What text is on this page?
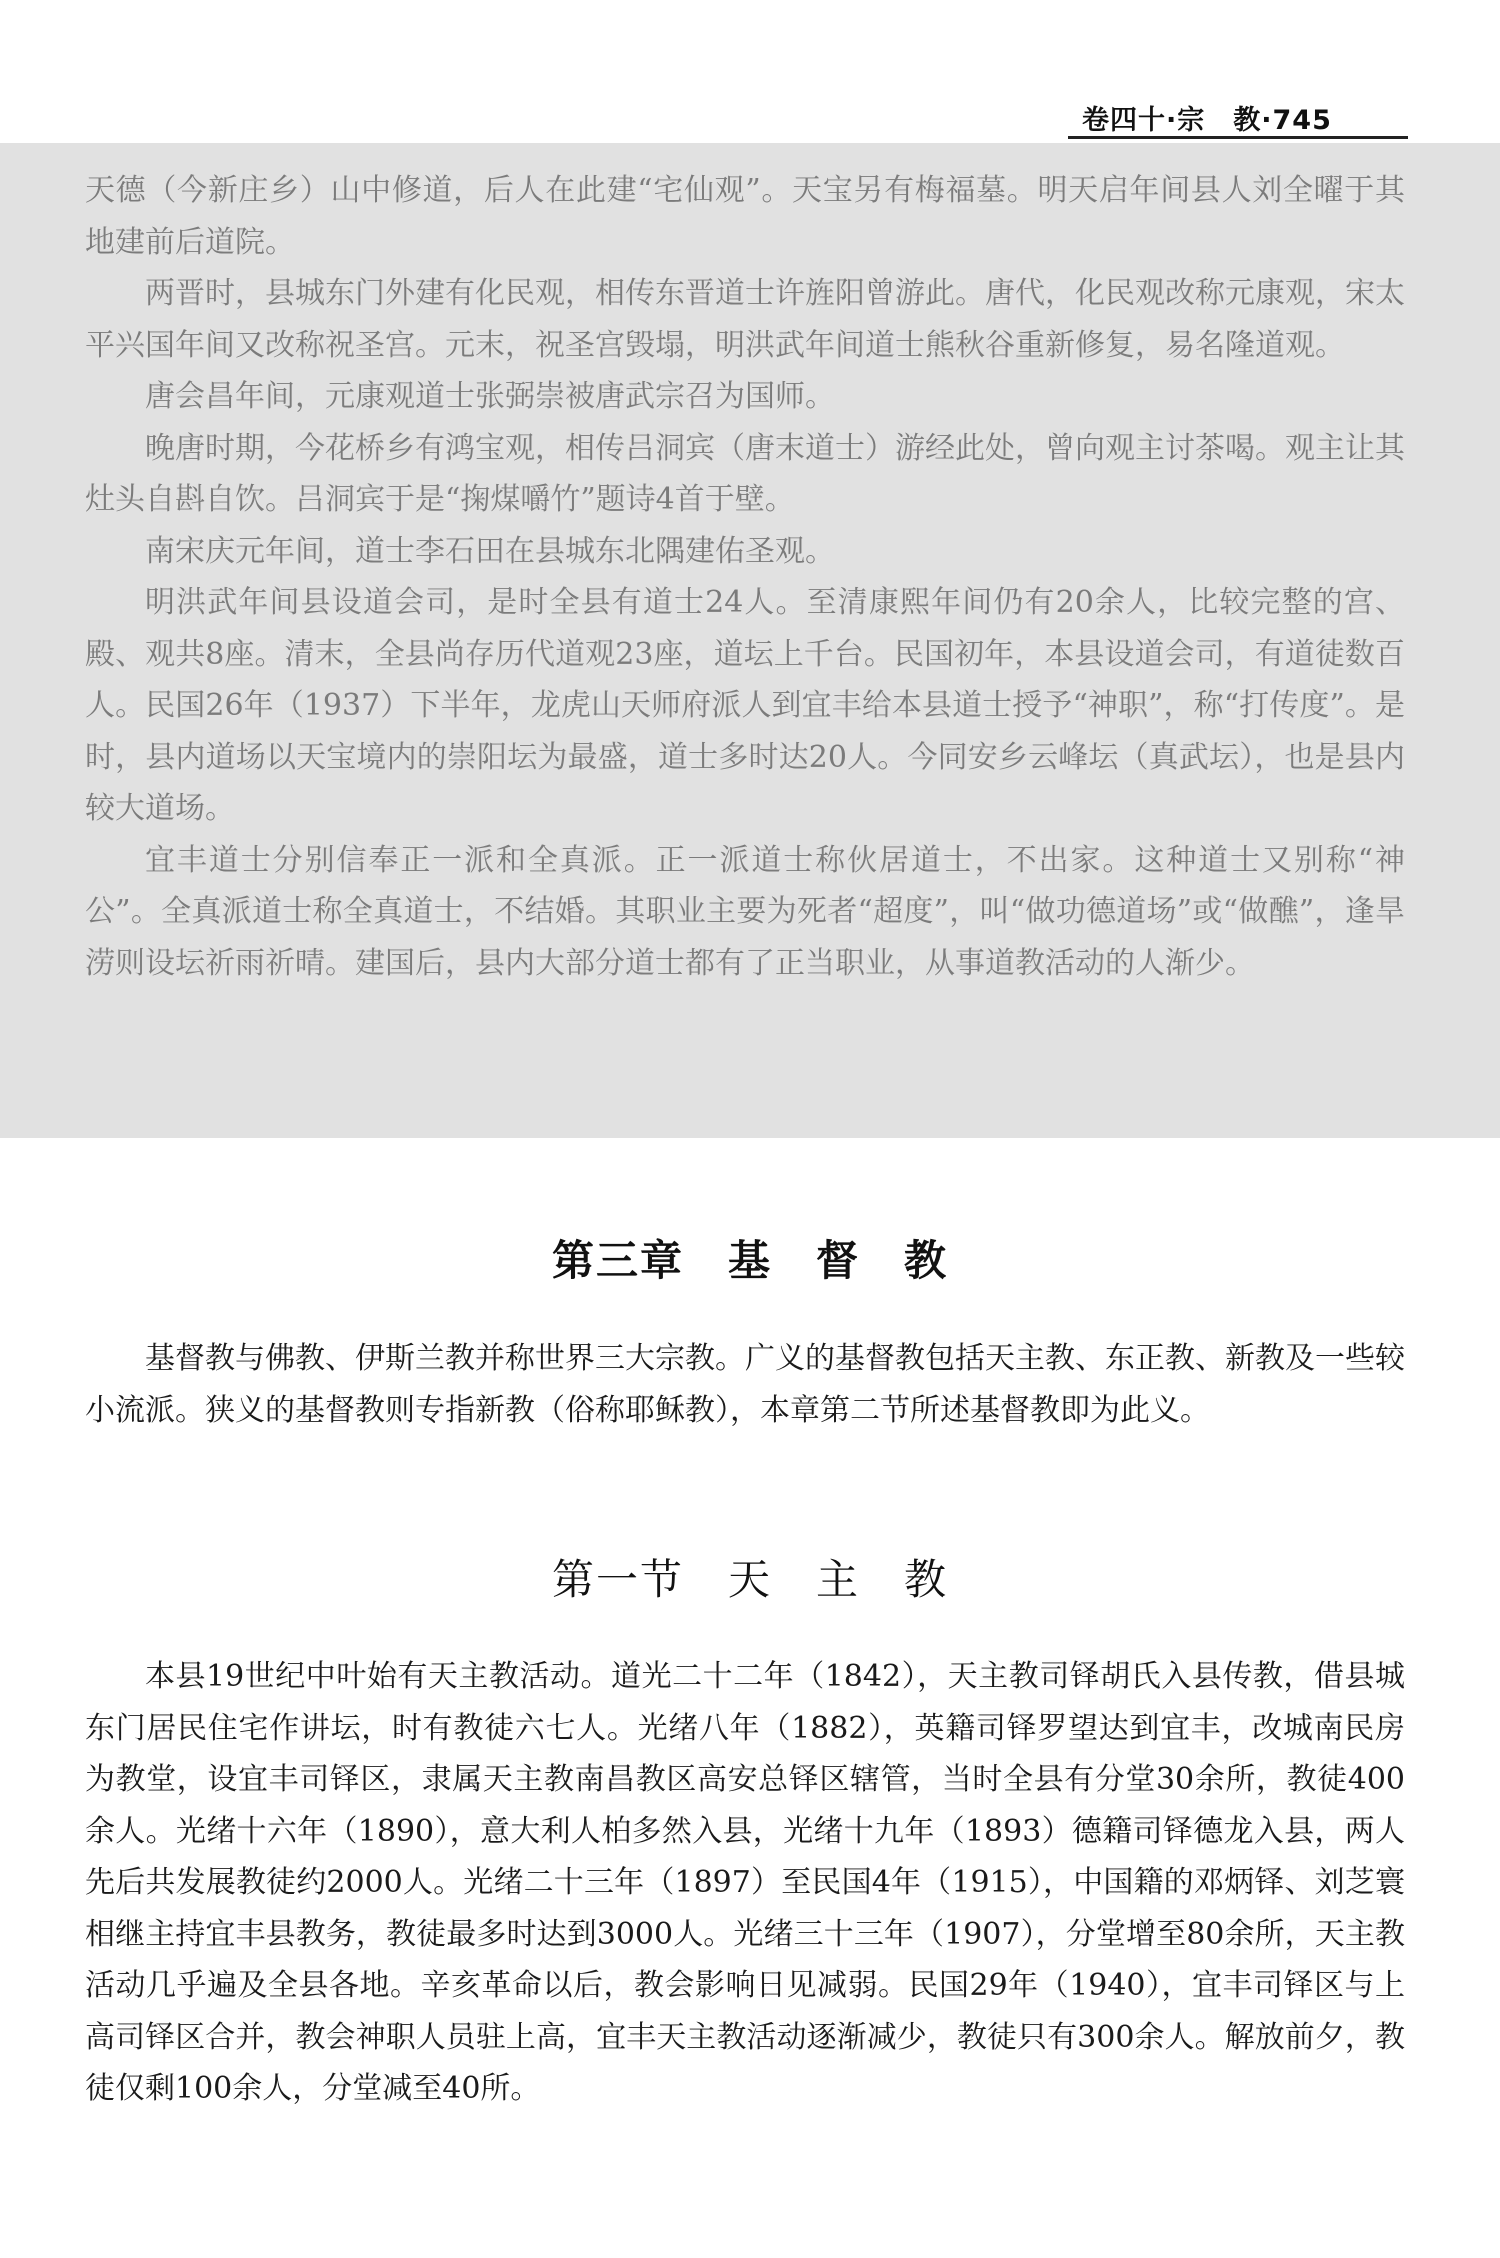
卷四十·宗　教·745

天德（今新庄乡）山中修道，后人在此建“宅仙观”。天宝另有梅福墓。明天启年间县人刘全曜于其地建前后道院。

两晋时，县城东门外建有化民观，相传东晋道士许旌阳曾游此。唐代，化民观改称元康观，宋太平兴国年间又改称祝圣宫。元末，祝圣宫毁塌，明洪武年间道士熊秋谷重新修复，易名隆道观。

唐会昌年间，元康观道士张弼崇被唐武宗召为国师。

晚唐时期，今花桥乡有鸿宝观，相传吕洞宾（唐末道士）游经此处，曾向观主讨茶喝。观主让其灶头自斟自饮。吕洞宾于是“掬煤嚼竹”题诗4首于壁。

南宋庆元年间，道士李石田在县城东北隅建佑圣观。

明洪武年间县设道会司，是时全县有道士24人。至清康熙年间仍有20余人，比较完整的宫、殿、观共8座。清末，全县尚存历代道观23座，道坛上千台。民国初年，本县设道会司，有道徒数百人。民国26年（1937）下半年，龙虎山天师府派人到宜丰给本县道士授予“神职”，称“打传度”。是时，县内道场以天宝境内的崇阳坛为最盛，道士多时达20人。今同安乡云峰坛（真武坛），也是县内较大道场。

宜丰道士分别信奉正一派和全真派。正一派道士称伙居道士，不出家。这种道士又别称“神公”。全真派道士称全真道士，不结婚。其职业主要为死者“超度”，叫“做功德道场”或“做醮”，逢旱涝则设坛祈雨祈晴。建国后，县内大部分道士都有了正当职业，从事道教活动的人渐少。

第三章　基　督　教

基督教与佛教、伊斯兰教并称世界三大宗教。广义的基督教包括天主教、东正教、新教及一些较小流派。狭义的基督教则专指新教（俗称耶稣教），本章第二节所述基督教即为此义。

第一节　天　主　教

本县19世纪中叶始有天主教活动。道光二十二年（1842），天主教司铎胡氏入县传教，借县城东门居民住宅作讲坛，时有教徒六七人。光绪八年（1882），英籍司铎罗望达到宜丰，改城南民房为教堂，设宜丰司铎区，隶属天主教南昌教区高安总铎区辖管，当时全县有分堂30余所，教徒400余人。光绪十六年（1890），意大利人柏多然入县，光绪十九年（1893）德籍司铎德龙入县，两人先后共发展教徒约2000人。光绪二十三年（1897）至民国4年（1915），中国籍的邓炳铎、刘芝寰相继主持宜丰县教务，教徒最多时达到3000人。光绪三十三年（1907），分堂增至80余所，天主教活动几乎遍及全县各地。辛亥革命以后，教会影响日见减弱。民国29年（1940），宜丰司铎区与上高司铎区合并，教会神职人员驻上高，宜丰天主教活动逐渐减少，教徒只有300余人。解放前夕，教徒仅剩100余人，分堂减至40所。
